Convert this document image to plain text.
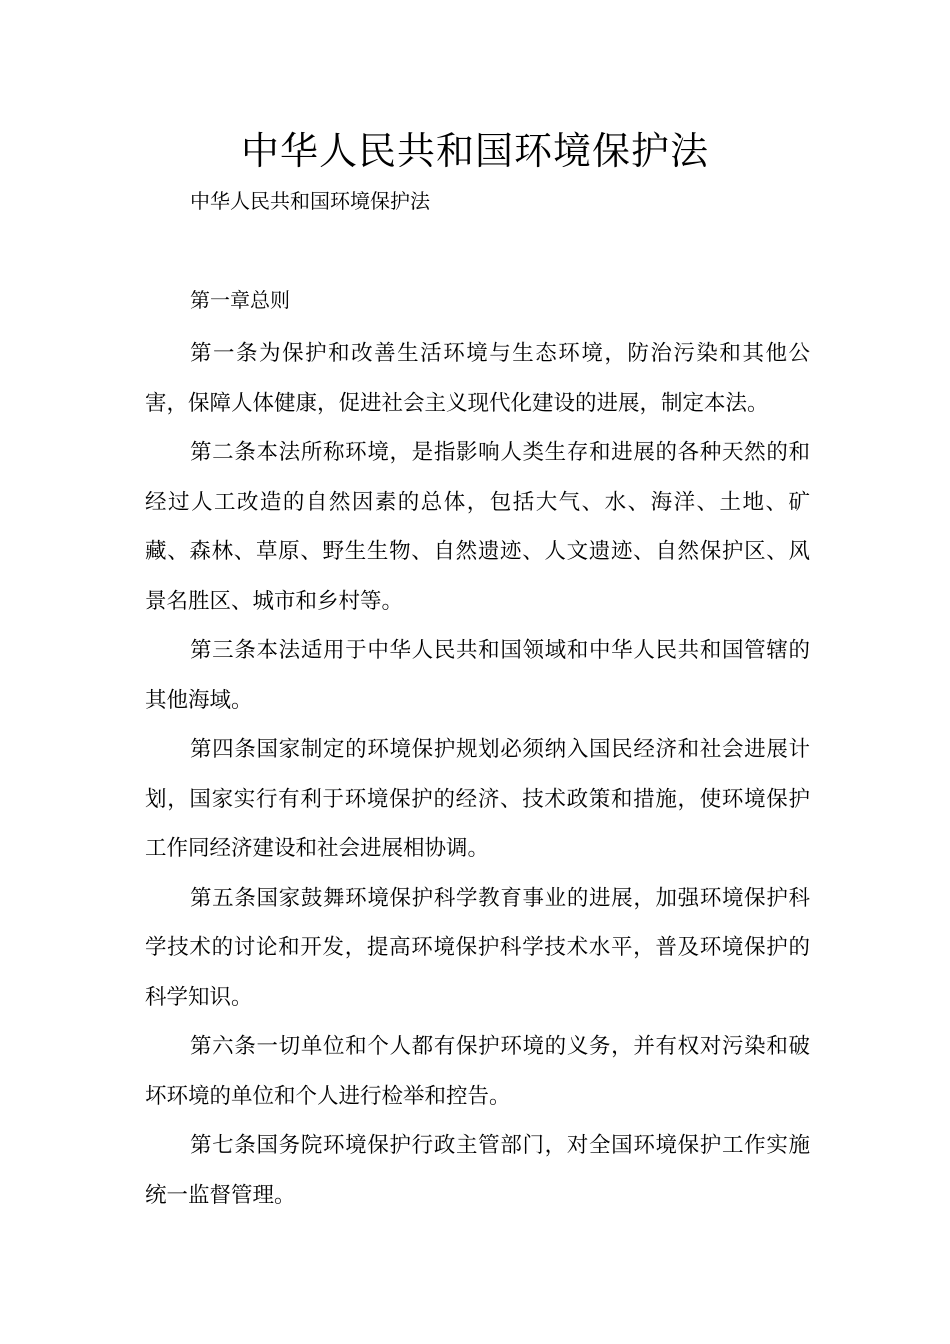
中华人民共和国环境保护法

中华人民共和国环境保护法

第一章总则

第一条为保护和改善生活环境与生态环境，防治污染和其他公害，保障人体健康，促进社会主义现代化建设的进展，制定本法。

第二条本法所称环境，是指影响人类生存和进展的各种天然的和经过人工改造的自然因素的总体，包括大气、水、海洋、土地、矿藏、森林、草原、野生生物、自然遗迹、人文遗迹、自然保护区、风景名胜区、城市和乡村等。

第三条本法适用于中华人民共和国领域和中华人民共和国管辖的其他海域。

第四条国家制定的环境保护规划必须纳入国民经济和社会进展计划，国家实行有利于环境保护的经济、技术政策和措施，使环境保护工作同经济建设和社会进展相协调。

第五条国家鼓舞环境保护科学教育事业的进展，加强环境保护科学技术的讨论和开发，提高环境保护科学技术水平，普及环境保护的科学知识。

第六条一切单位和个人都有保护环境的义务，并有权对污染和破坏环境的单位和个人进行检举和控告。

第七条国务院环境保护行政主管部门，对全国环境保护工作实施统一监督管理。
